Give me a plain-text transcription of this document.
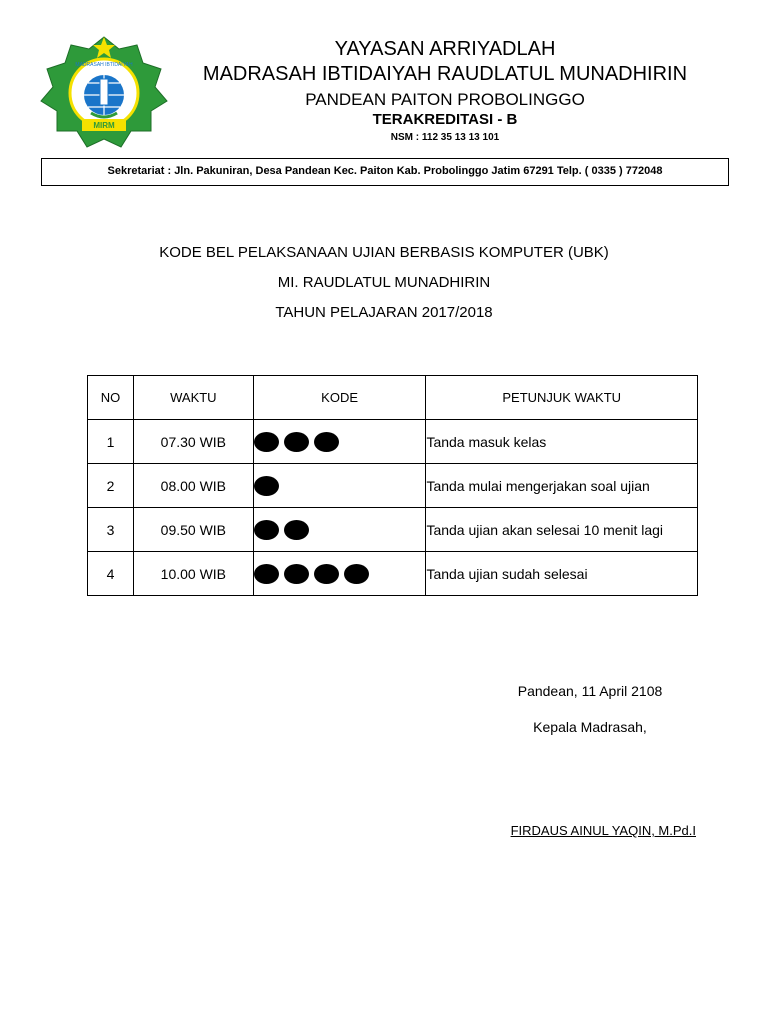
MADRASAH IBTIDAIYAH
MIRM
YAYASAN ARRIYADLAH
MADRASAH IBTIDAIYAH RAUDLATUL MUNADHIRIN
PANDEAN PAITON PROBOLINGGO
TERAKREDITASI - B
NSM : 112 35 13 13 101
Sekretariat : Jln. Pakuniran, Desa Pandean Kec. Paiton Kab. Probolinggo Jatim 67291 Telp. ( 0335 ) 772048
KODE BEL PELAKSANAAN UJIAN BERBASIS KOMPUTER (UBK)
MI. RAUDLATUL MUNADHIRIN
TAHUN PELAJARAN 2017/2018
NO	WAKTU	KODE	PETUNJUK WAKTU
1	07.30 WIB		Tanda masuk kelas
2	08.00 WIB		Tanda mulai mengerjakan soal ujian
3	09.50 WIB		Tanda ujian akan selesai 10 menit lagi
4	10.00 WIB		Tanda ujian sudah selesai
Pandean, 11 April 2108
Kepala Madrasah,
FIRDAUS AINUL YAQIN, M.Pd.I
